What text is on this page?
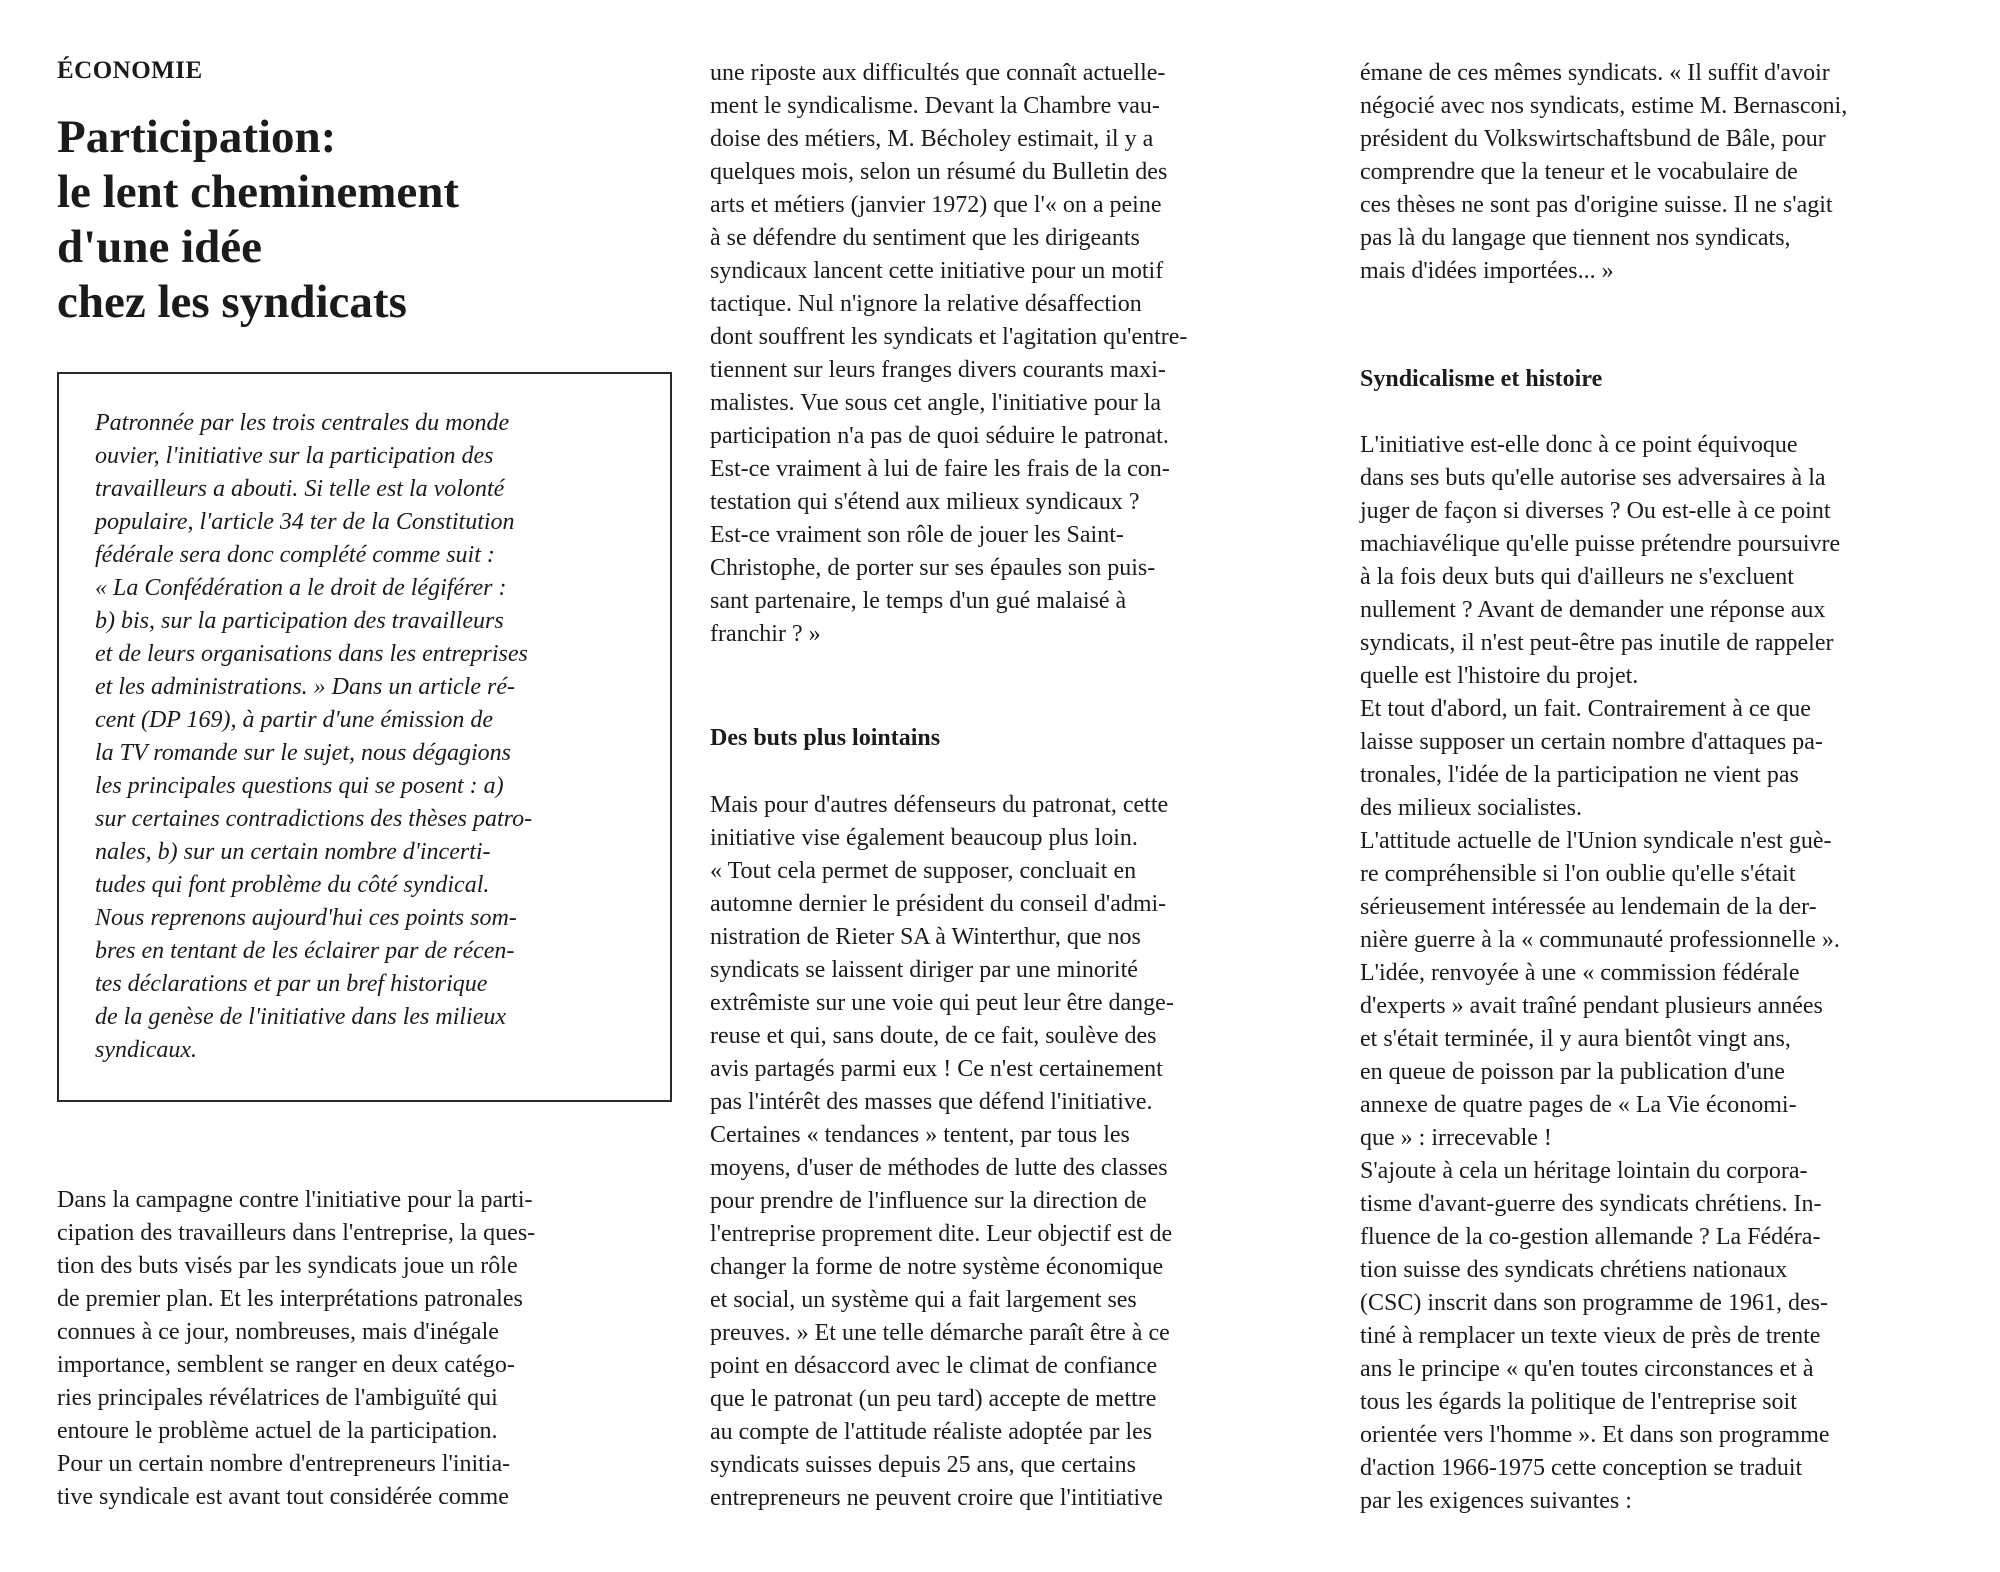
ÉCONOMIE
Participation:
le lent cheminement
d'une idée
chez les syndicats
Patronnée par les trois centrales du monde
ouvier, l'initiative sur la participation des
travailleurs a abouti. Si telle est la volonté
populaire, l'article 34 ter de la Constitution
fédérale sera donc complété comme suit :
« La Confédération a le droit de légiférer :
b) bis, sur la participation des travailleurs
et de leurs organisations dans les entreprises
et les administrations. » Dans un article ré-
cent (DP 169), à partir d'une émission de
la TV romande sur le sujet, nous dégagions
les principales questions qui se posent : a)
sur certaines contradictions des thèses patro-
nales, b) sur un certain nombre d'incerti-
tudes qui font problème du côté syndical.
Nous reprenons aujourd'hui ces points som-
bres en tentant de les éclairer par de récen-
tes déclarations et par un bref historique
de la genèse de l'initiative dans les milieux
syndicaux.
Dans la campagne contre l'initiative pour la parti-
cipation des travailleurs dans l'entreprise, la ques-
tion des buts visés par les syndicats joue un rôle
de premier plan. Et les interprétations patronales
connues à ce jour, nombreuses, mais d'inégale
importance, semblent se ranger en deux catégo-
ries principales révélatrices de l'ambiguïté qui
entoure le problème actuel de la participation.
Pour un certain nombre d'entrepreneurs l'initia-
tive syndicale est avant tout considérée comme
une riposte aux difficultés que connaît actuelle-
ment le syndicalisme. Devant la Chambre vau-
doise des métiers, M. Bécholey estimait, il y a
quelques mois, selon un résumé du Bulletin des
arts et métiers (janvier 1972) que l'« on a peine
à se défendre du sentiment que les dirigeants
syndicaux lancent cette initiative pour un motif
tactique. Nul n'ignore la relative désaffection
dont souffrent les syndicats et l'agitation qu'entre-
tiennent sur leurs franges divers courants maxi-
malistes. Vue sous cet angle, l'initiative pour la
participation n'a pas de quoi séduire le patronat.
Est-ce vraiment à lui de faire les frais de la con-
testation qui s'étend aux milieux syndicaux ?
Est-ce vraiment son rôle de jouer les Saint-
Christophe, de porter sur ses épaules son puis-
sant partenaire, le temps d'un gué malaisé à
franchir ? »
Des buts plus lointains
Mais pour d'autres défenseurs du patronat, cette
initiative vise également beaucoup plus loin.
« Tout cela permet de supposer, concluait en
automne dernier le président du conseil d'admi-
nistration de Rieter SA à Winterthur, que nos
syndicats se laissent diriger par une minorité
extrêmiste sur une voie qui peut leur être dange-
reuse et qui, sans doute, de ce fait, soulève des
avis partagés parmi eux ! Ce n'est certainement
pas l'intérêt des masses que défend l'initiative.
Certaines « tendances » tentent, par tous les
moyens, d'user de méthodes de lutte des classes
pour prendre de l'influence sur la direction de
l'entreprise proprement dite. Leur objectif est de
changer la forme de notre système économique
et social, un système qui a fait largement ses
preuves. » Et une telle démarche paraît être à ce
point en désaccord avec le climat de confiance
que le patronat (un peu tard) accepte de mettre
au compte de l'attitude réaliste adoptée par les
syndicats suisses depuis 25 ans, que certains
entrepreneurs ne peuvent croire que l'intitiative
émane de ces mêmes syndicats. « Il suffit d'avoir
négocié avec nos syndicats, estime M. Bernasconi,
président du Volkswirtschaftsbund de Bâle, pour
comprendre que la teneur et le vocabulaire de
ces thèses ne sont pas d'origine suisse. Il ne s'agit
pas là du langage que tiennent nos syndicats,
mais d'idées importées... »
Syndicalisme et histoire
L'initiative est-elle donc à ce point équivoque
dans ses buts qu'elle autorise ses adversaires à la
juger de façon si diverses ? Ou est-elle à ce point
machiavélique qu'elle puisse prétendre poursuivre
à la fois deux buts qui d'ailleurs ne s'excluent
nullement ? Avant de demander une réponse aux
syndicats, il n'est peut-être pas inutile de rappeler
quelle est l'histoire du projet.
Et tout d'abord, un fait. Contrairement à ce que
laisse supposer un certain nombre d'attaques pa-
tronales, l'idée de la participation ne vient pas
des milieux socialistes.
L'attitude actuelle de l'Union syndicale n'est guè-
re compréhensible si l'on oublie qu'elle s'était
sérieusement intéressée au lendemain de la der-
nière guerre à la « communauté professionnelle ».
L'idée, renvoyée à une « commission fédérale
d'experts » avait traîné pendant plusieurs années
et s'était terminée, il y aura bientôt vingt ans,
en queue de poisson par la publication d'une
annexe de quatre pages de « La Vie économi-
que » : irrecevable !
S'ajoute à cela un héritage lointain du corpora-
tisme d'avant-guerre des syndicats chrétiens. In-
fluence de la co-gestion allemande ? La Fédéra-
tion suisse des syndicats chrétiens nationaux
(CSC) inscrit dans son programme de 1961, des-
tiné à remplacer un texte vieux de près de trente
ans le principe « qu'en toutes circonstances et à
tous les égards la politique de l'entreprise soit
orientée vers l'homme ». Et dans son programme
d'action 1966-1975 cette conception se traduit
par les exigences suivantes :
